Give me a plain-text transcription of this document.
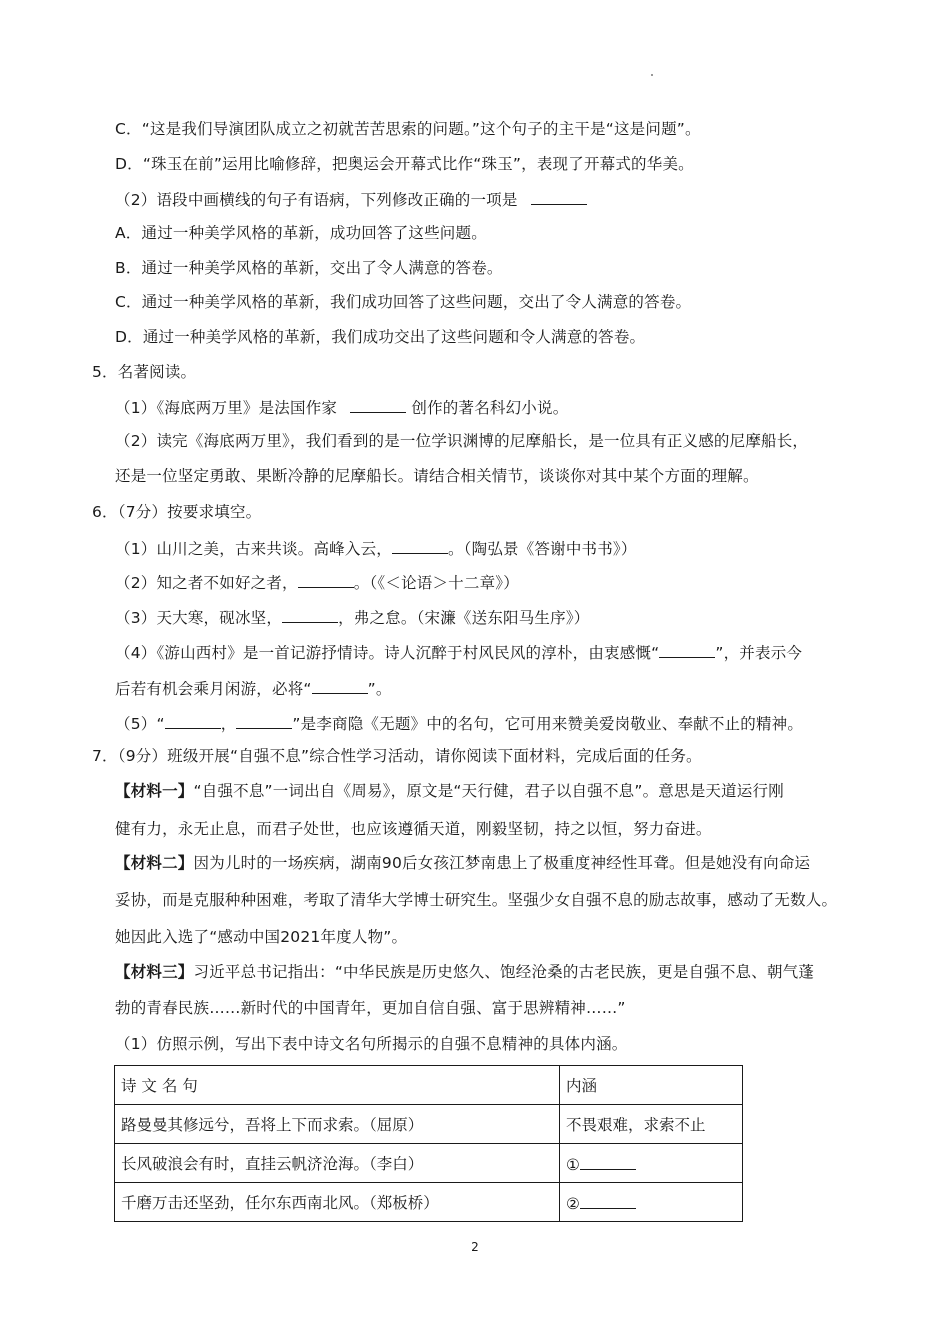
C．“这是我们导演团队成立之初就苦苦思索的问题。”这个句子的主干是“这是问题”。
D．“珠玉在前”运用比喻修辞，把奥运会开幕式比作“珠玉”，表现了开幕式的华美。
（2）语段中画横线的句子有语病，下列修改正确的一项是
A．通过一种美学风格的革新，成功回答了这些问题。
B．通过一种美学风格的革新，交出了令人满意的答卷。
C．通过一种美学风格的革新，我们成功回答了这些问题，交出了令人满意的答卷。
D．通过一种美学风格的革新，我们成功交出了这些问题和令人满意的答卷。
5．名著阅读。
（1）《海底两万里》是法国作家	创作的著名科幻小说。
（2）读完《海底两万里》，我们看到的是一位学识渊博的尼摩船长，是一位具有正义感的尼摩船长，
还是一位坚定勇敢、果断冷静的尼摩船长。请结合相关情节，谈谈你对其中某个方面的理解。
6．（7分）按要求填空。
（1）山川之美，古来共谈。高峰入云，	。（陶弘景《答谢中书书》）
（2）知之者不如好之者，	。（《＜论语＞十二章》）
（3）天大寒，砚冰坚，	，弗之怠。（宋濂《送东阳马生序》）
（4）《游山西村》是一首记游抒情诗。诗人沉醉于村风民风的淳朴，由衷感慨“	”，并表示今
后若有机会乘月闲游，必将“	”。
（5）“	，	”是李商隐《无题》中的名句，它可用来赞美爱岗敬业、奉献不止的精神。
7．（9分）班级开展“自强不息”综合性学习活动，请你阅读下面材料，完成后面的任务。
【材料一】“自强不息”一词出自《周易》，原文是“天行健，君子以自强不息”。意思是天道运行刚
健有力，永无止息，而君子处世，也应该遵循天道，刚毅坚韧，持之以恒，努力奋进。
【材料二】因为儿时的一场疾病，湖南90后女孩江梦南患上了极重度神经性耳聋。但是她没有向命运
妥协，而是克服种种困难，考取了清华大学博士研究生。坚强少女自强不息的励志故事，感动了无数人。
她因此入选了“感动中国2021年度人物”。
【材料三】习近平总书记指出：“中华民族是历史悠久、饱经沧桑的古老民族，更是自强不息、朝气蓬
勃的青春民族……新时代的中国青年，更加自信自强、富于思辨精神……”
（1）仿照示例，写出下表中诗文名句所揭示的自强不息精神的具体内涵。
诗 文 名 句	内涵
路曼曼其修远兮，吾将上下而求索。（屈原）	不畏艰难，求索不止
长风破浪会有时，直挂云帆济沧海。（李白）	①
千磨万击还坚劲，任尔东西南北风。（郑板桥）	②
2
